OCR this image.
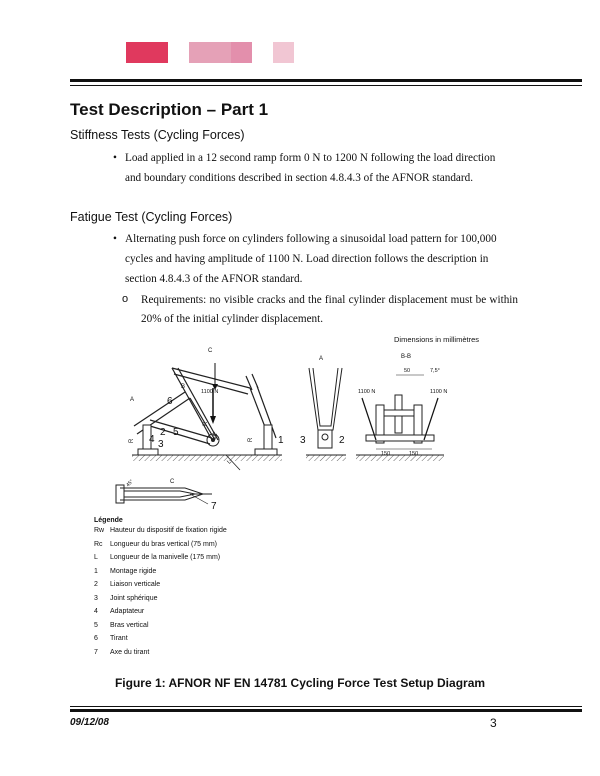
Test Description – Part 1
Stiffness Tests (Cycling Forces)
• Load applied in a 12 second ramp form 0 N to 1200 N following the load direction and boundary conditions described in section 4.8.4.3 of the AFNOR standard.
Fatigue Test (Cycling Forces)
• Alternating push force on cylinders following a sinusoidal load pattern for 100,000 cycles and having amplitude of 1100 N. Load direction follows the description in section 4.8.4.3 of the AFNOR standard.
o Requirements: no visible cracks and the final cylinder displacement must be within 20% of the initial cylinder displacement.
Dimensions in millimètres
C
B
A
1100 N
6
2 5
4 3	1
R
R
R
45°
L
A
3	2
B-B
50	7,5°
1100 N	1100 N
150	150
C
7
45°
Légende
Rw Hauteur du dispositif de fixation rigide
Rc	Longueur du bras vertical (75 mm)
L	Longueur de la manivelle (175 mm)
1	Montage rigide
2	Liaison verticale
3	Joint sphérique
4	Adaptateur
5	Bras vertical
6	Tirant
7	Axe du tirant
Figure 1: AFNOR NF EN 14781 Cycling Force Test Setup Diagram
09/12/08	3
